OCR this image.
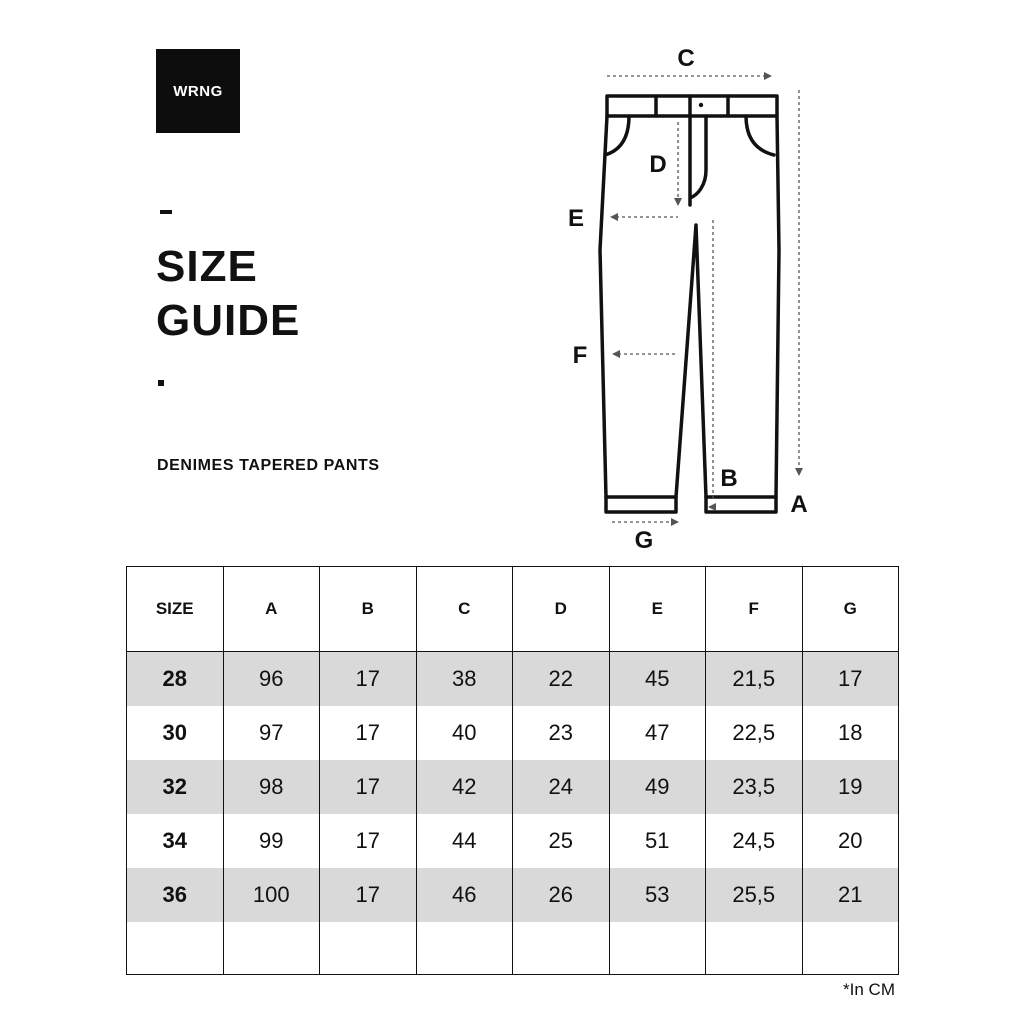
WRNG
SIZE
GUIDE
DENIMES TAPERED PANTS
C
D
E
F
B
A
G
SIZE	A	B	C	D	E	F	G
28	96	17	38	22	45	21,5	17
30	97	17	40	23	47	22,5	18
32	98	17	42	24	49	23,5	19
34	99	17	44	25	51	24,5	20
36	100	17	46	26	53	25,5	21

*In CM
